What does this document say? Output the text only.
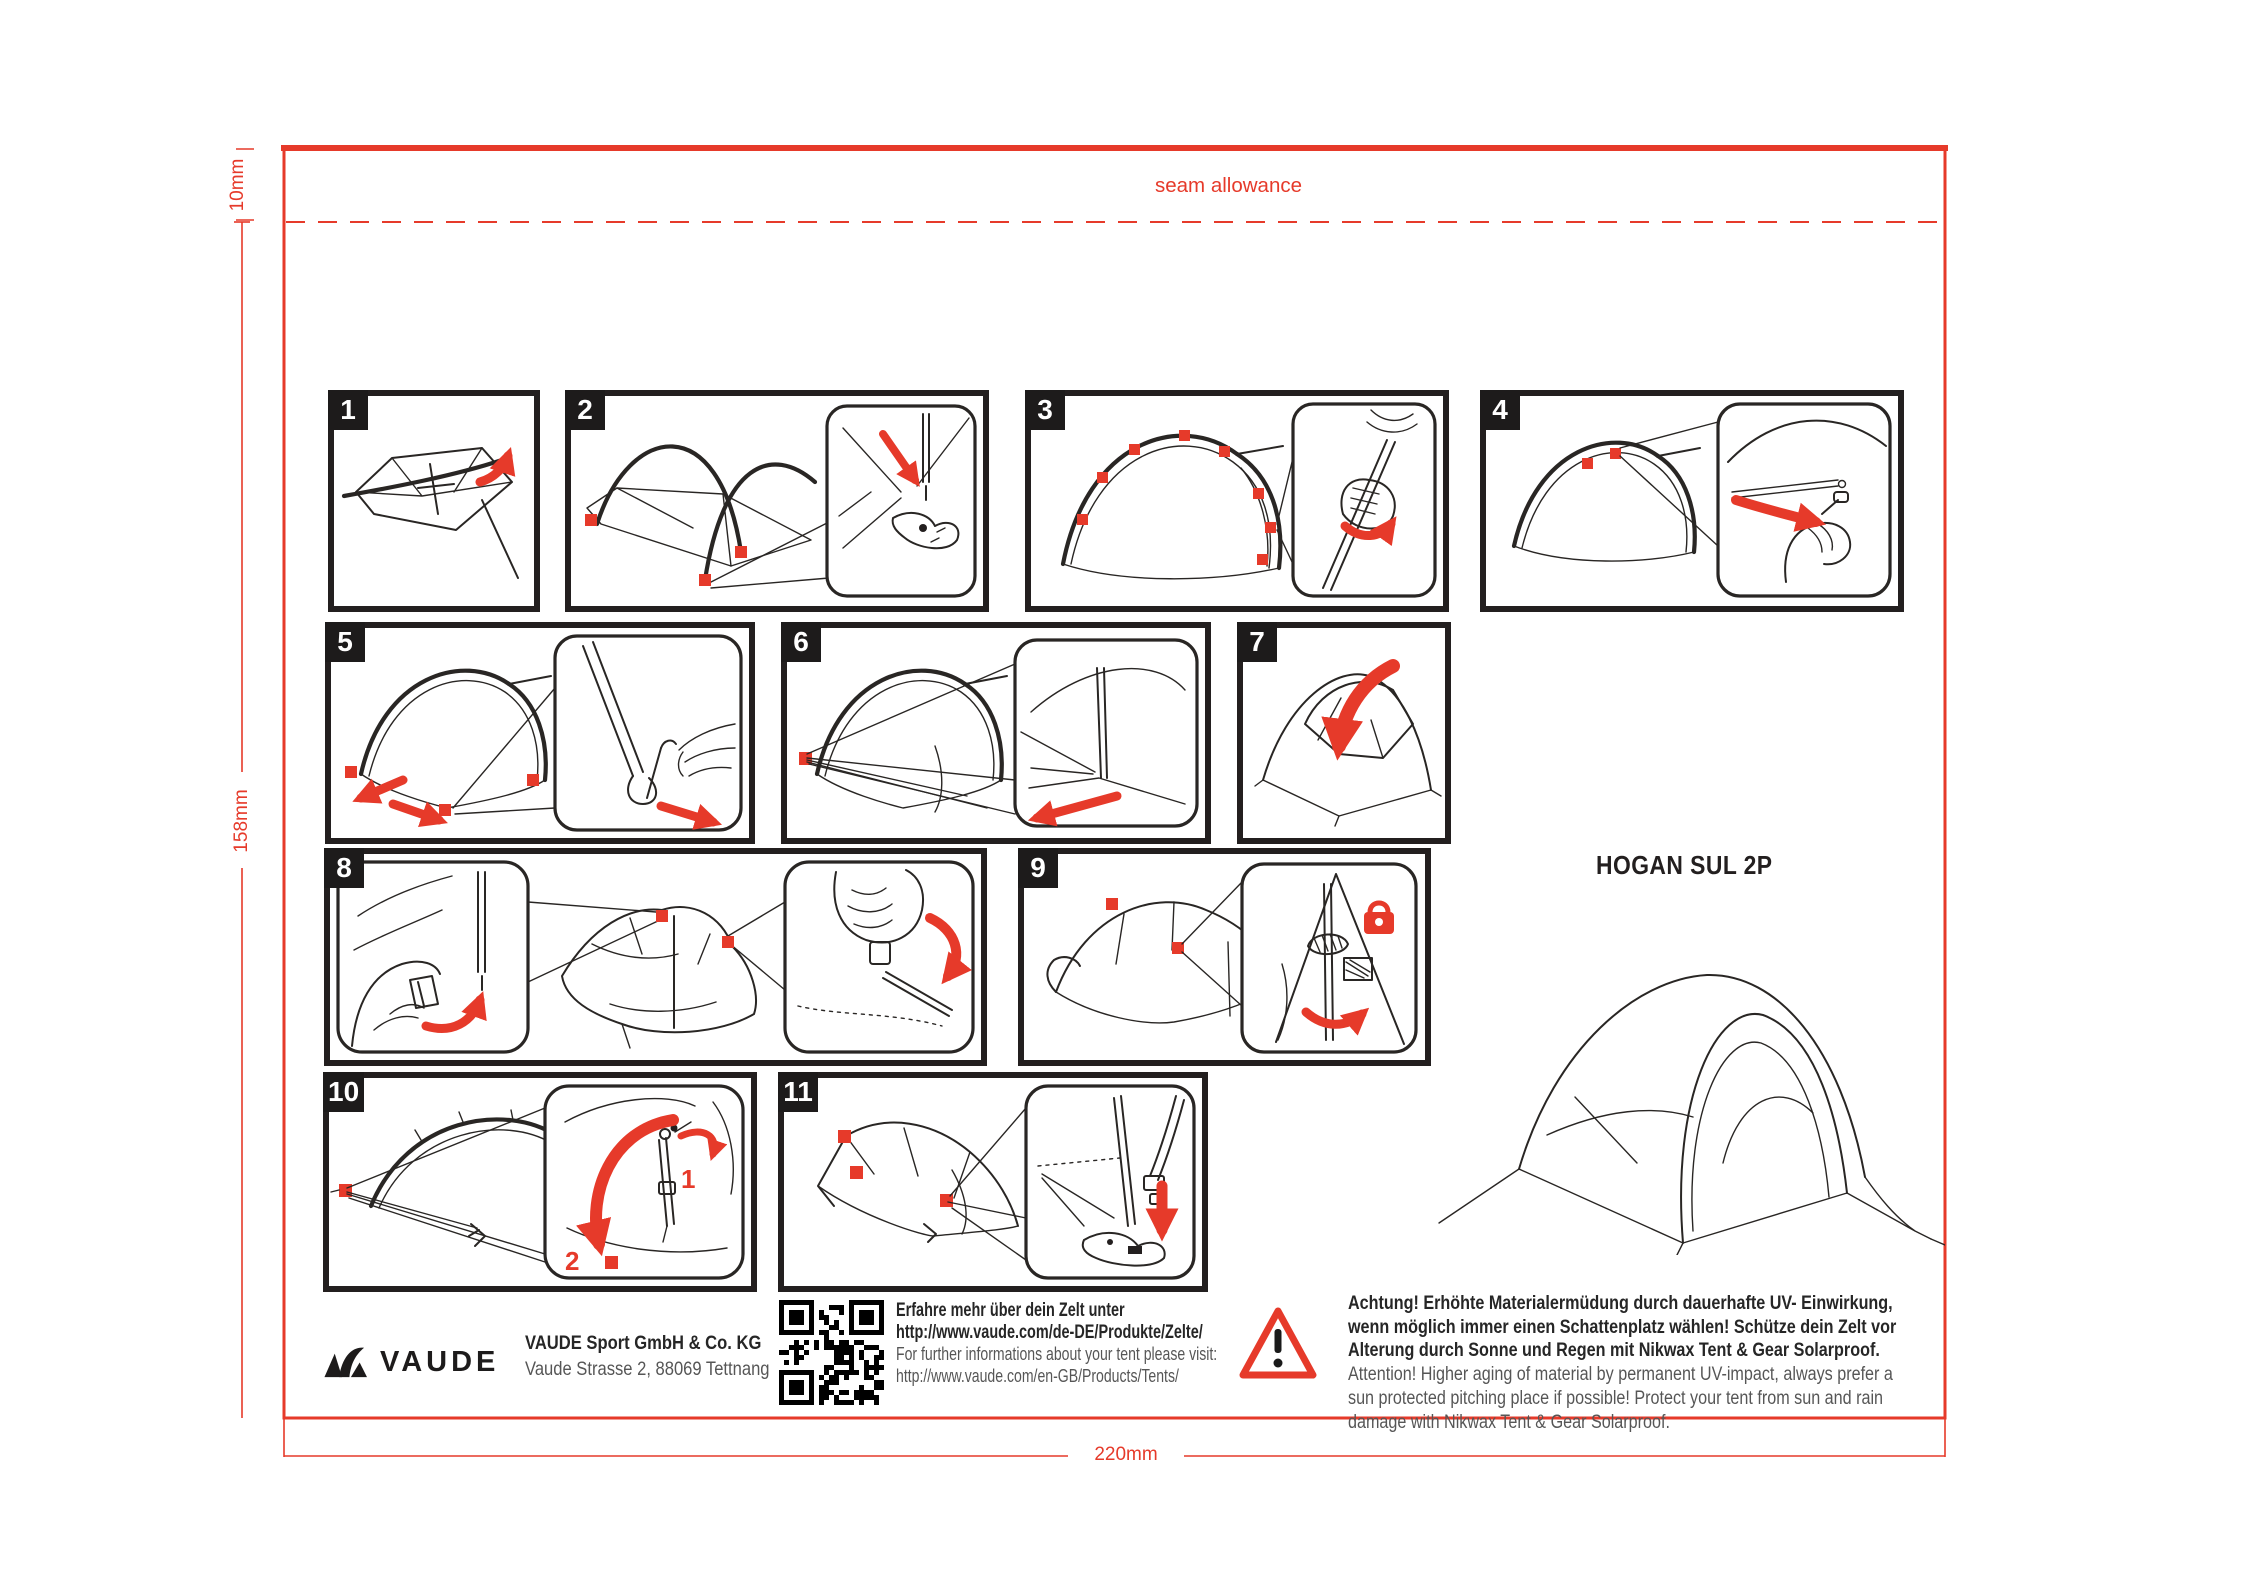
seam allowance
10mm
158mm
220mm
1	2	3	4
5	6	7
8	9
10
1
2
11
HOGAN SUL 2P
VAUDE
VAUDE Sport GmbH & Co. KG
Vaude Strasse 2, 88069 Tettnang
Erfahre mehr über dein Zelt unter
http://www.vaude.com/de-DE/Produkte/Zelte/
For further informations about your tent please visit:
http://www.vaude.com/en-GB/Products/Tents/
Achtung! Erhöhte Materialermüdung durch dauerhafte UV- Einwirkung,
wenn möglich immer einen Schattenplatz wählen! Schütze dein Zelt vor
Alterung durch Sonne und Regen mit Nikwax Tent & Gear Solarproof.
Attention! Higher aging of material by permanent UV-impact, always prefer a
sun protected pitching place if possible! Protect your tent from sun and rain
damage with Nikwax Tent & Gear Solarproof.
